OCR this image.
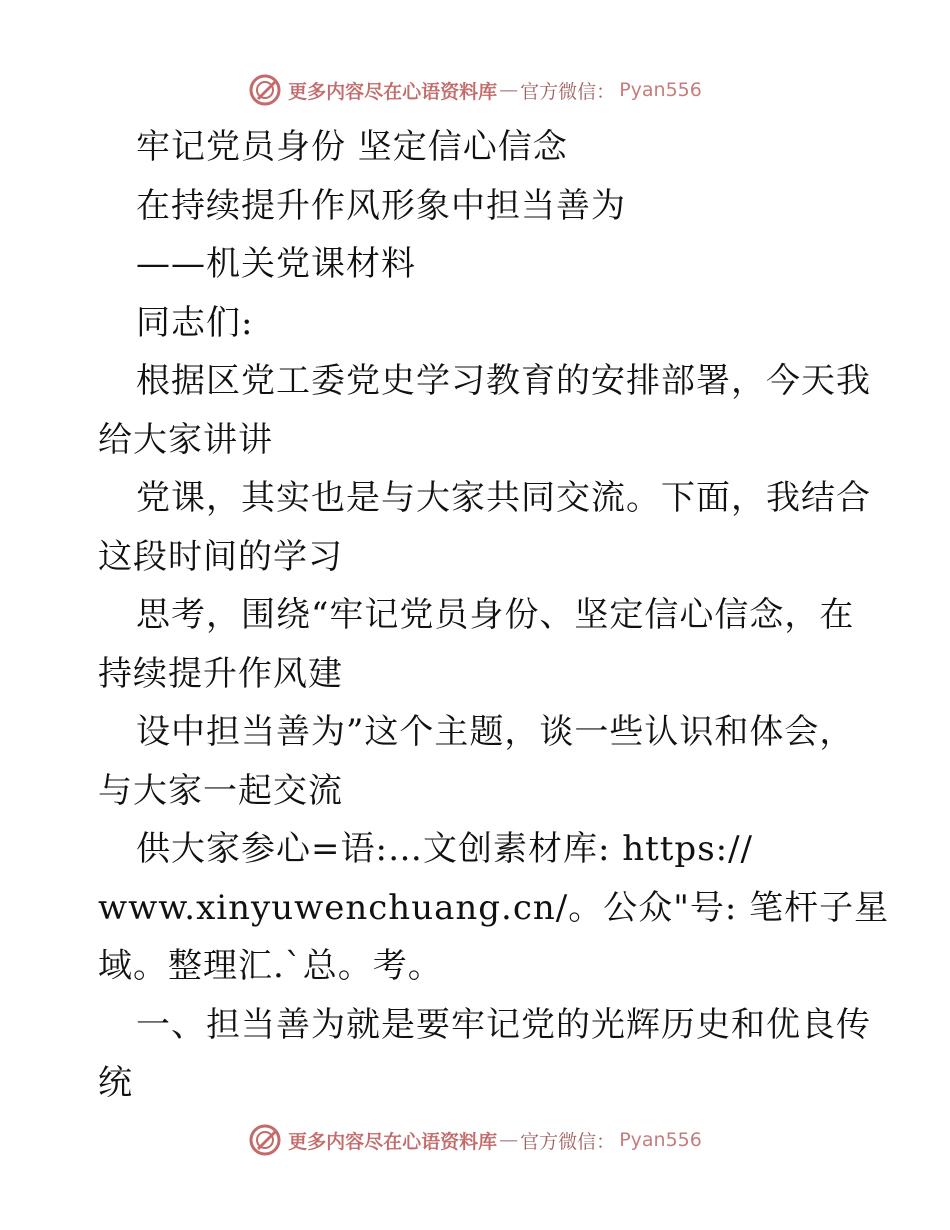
更多内容尽在心语资料库 — 官方微信： Pyan556
牢记党员身份 坚定信心信念
在持续提升作风形象中担当善为
——机关党课材料
同志们:
根据区党工委党史学习教育的安排部署，今天我
给大家讲讲
党课，其实也是与大家共同交流。下面，我结合
这段时间的学习
思考，围绕“牢记党员身份、坚定信心信念，在
持续提升作风建
设中担当善为”这个主题，谈一些认识和体会，
与大家一起交流
供大家参心=语:…文创素材库: https://
www.xinyuwenchuang.cn/。公众"号: 笔杆子星
域。整理汇.`总。考。
一、担当善为就是要牢记党的光辉历史和优良传
统
更多内容尽在心语资料库 — 官方微信： Pyan556
